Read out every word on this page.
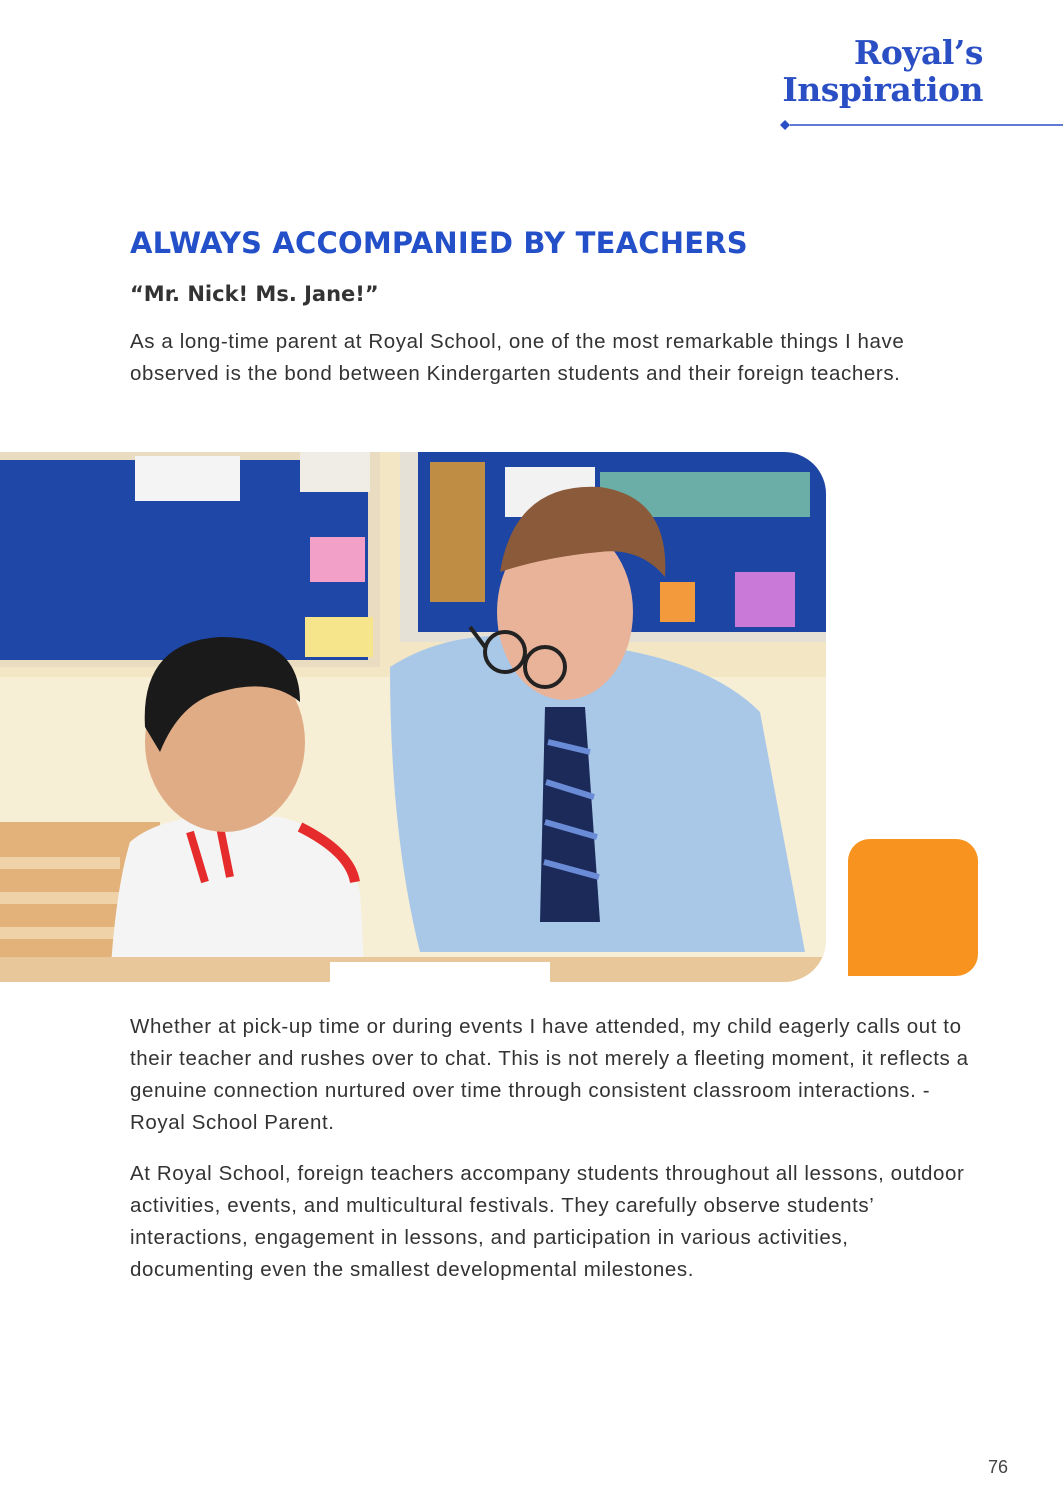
Royal’s
Inspiration
ALWAYS ACCOMPANIED BY TEACHERS
“Mr. Nick! Ms. Jane!”

As a long-time parent at Royal School, one of the most remarkable things I have observed is the bond between Kindergarten students and their foreign teachers.

Whether at pick-up time or during events I have attended, my child eagerly calls out to their teacher and rushes over to chat. This is not merely a fleeting moment, it reflects a genuine connection nurtured over time through consistent classroom interactions. - Royal School Parent.

At Royal School, foreign teachers accompany students throughout all lessons, outdoor activities, events, and multicultural festivals. They carefully observe students’ interactions, engagement in lessons, and participation in various activities, documenting even the smallest developmental milestones.

76
